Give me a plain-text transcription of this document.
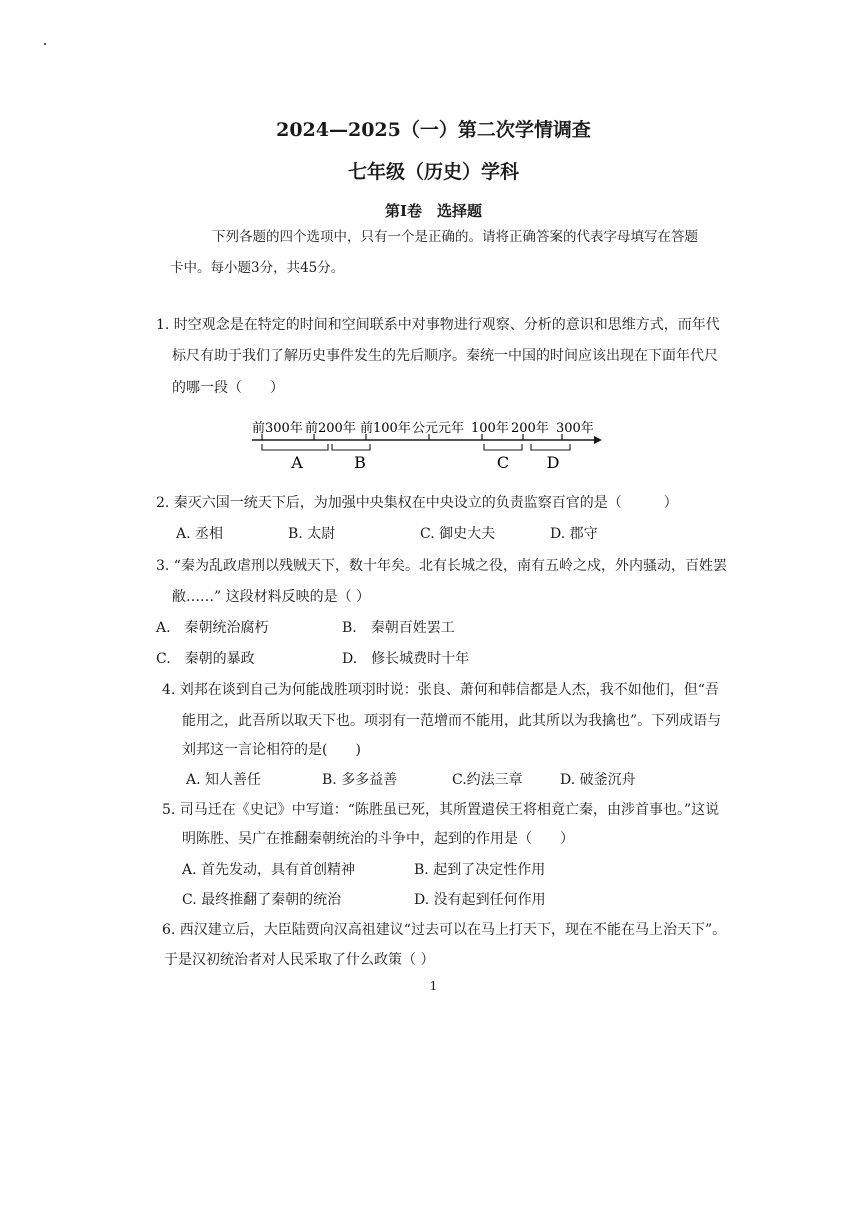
2024—2025（一）第二次学情调查
七年级（历史）学科
第Ⅰ卷　选择题
下列各题的四个选项中，只有一个是正确的。请将正确答案的代表字母填写在答题
卡中。每小题3分，共45分。
1. 时空观念是在特定的时间和空间联系中对事物进行观察、分析的意识和思维方式，而年代
标尺有助于我们了解历史事件发生的先后顺序。秦统一中国的时间应该出现在下面年代尺
的哪一段（　　）
前300年 前200年 前100年 公元元年 100年 200年 300年
A	B	C D
2. 秦灭六国一统天下后，为加强中央集权在中央设立的负责监察百官的是（　　　）
A. 丞相	B. 太尉	C. 御史大夫	D. 郡守
3. “秦为乱政虐刑以残贼天下，数十年矣。北有长城之役，南有五岭之戍，外内骚动，百姓罢
敝……” 这段材料反映的是（ ）
A.　秦朝统治腐朽	B.　秦朝百姓罢工
C.　秦朝的暴政	D.　修长城费时十年
4. 刘邦在谈到自己为何能战胜项羽时说：张良、萧何和韩信都是人杰，我不如他们，但“吾
能用之，此吾所以取天下也。项羽有一范增而不能用，此其所以为我擒也”。下列成语与
刘邦这一言论相符的是(　　)
A. 知人善任	B. 多多益善	C.约法三章	D. 破釜沉舟
5. 司马迁在《史记》中写道：“陈胜虽已死，其所置遣侯王将相竟亡秦，由涉首事也。”这说
明陈胜、吴广在推翻秦朝统治的斗争中，起到的作用是（　　）
A. 首先发动，具有首创精神	B. 起到了决定性作用
C. 最终推翻了秦朝的统治	D. 没有起到任何作用
6. 西汉建立后，大臣陆贾向汉高祖建议“过去可以在马上打天下，现在不能在马上治天下”。
于是汉初统治者对人民采取了什么政策（ ）
1
